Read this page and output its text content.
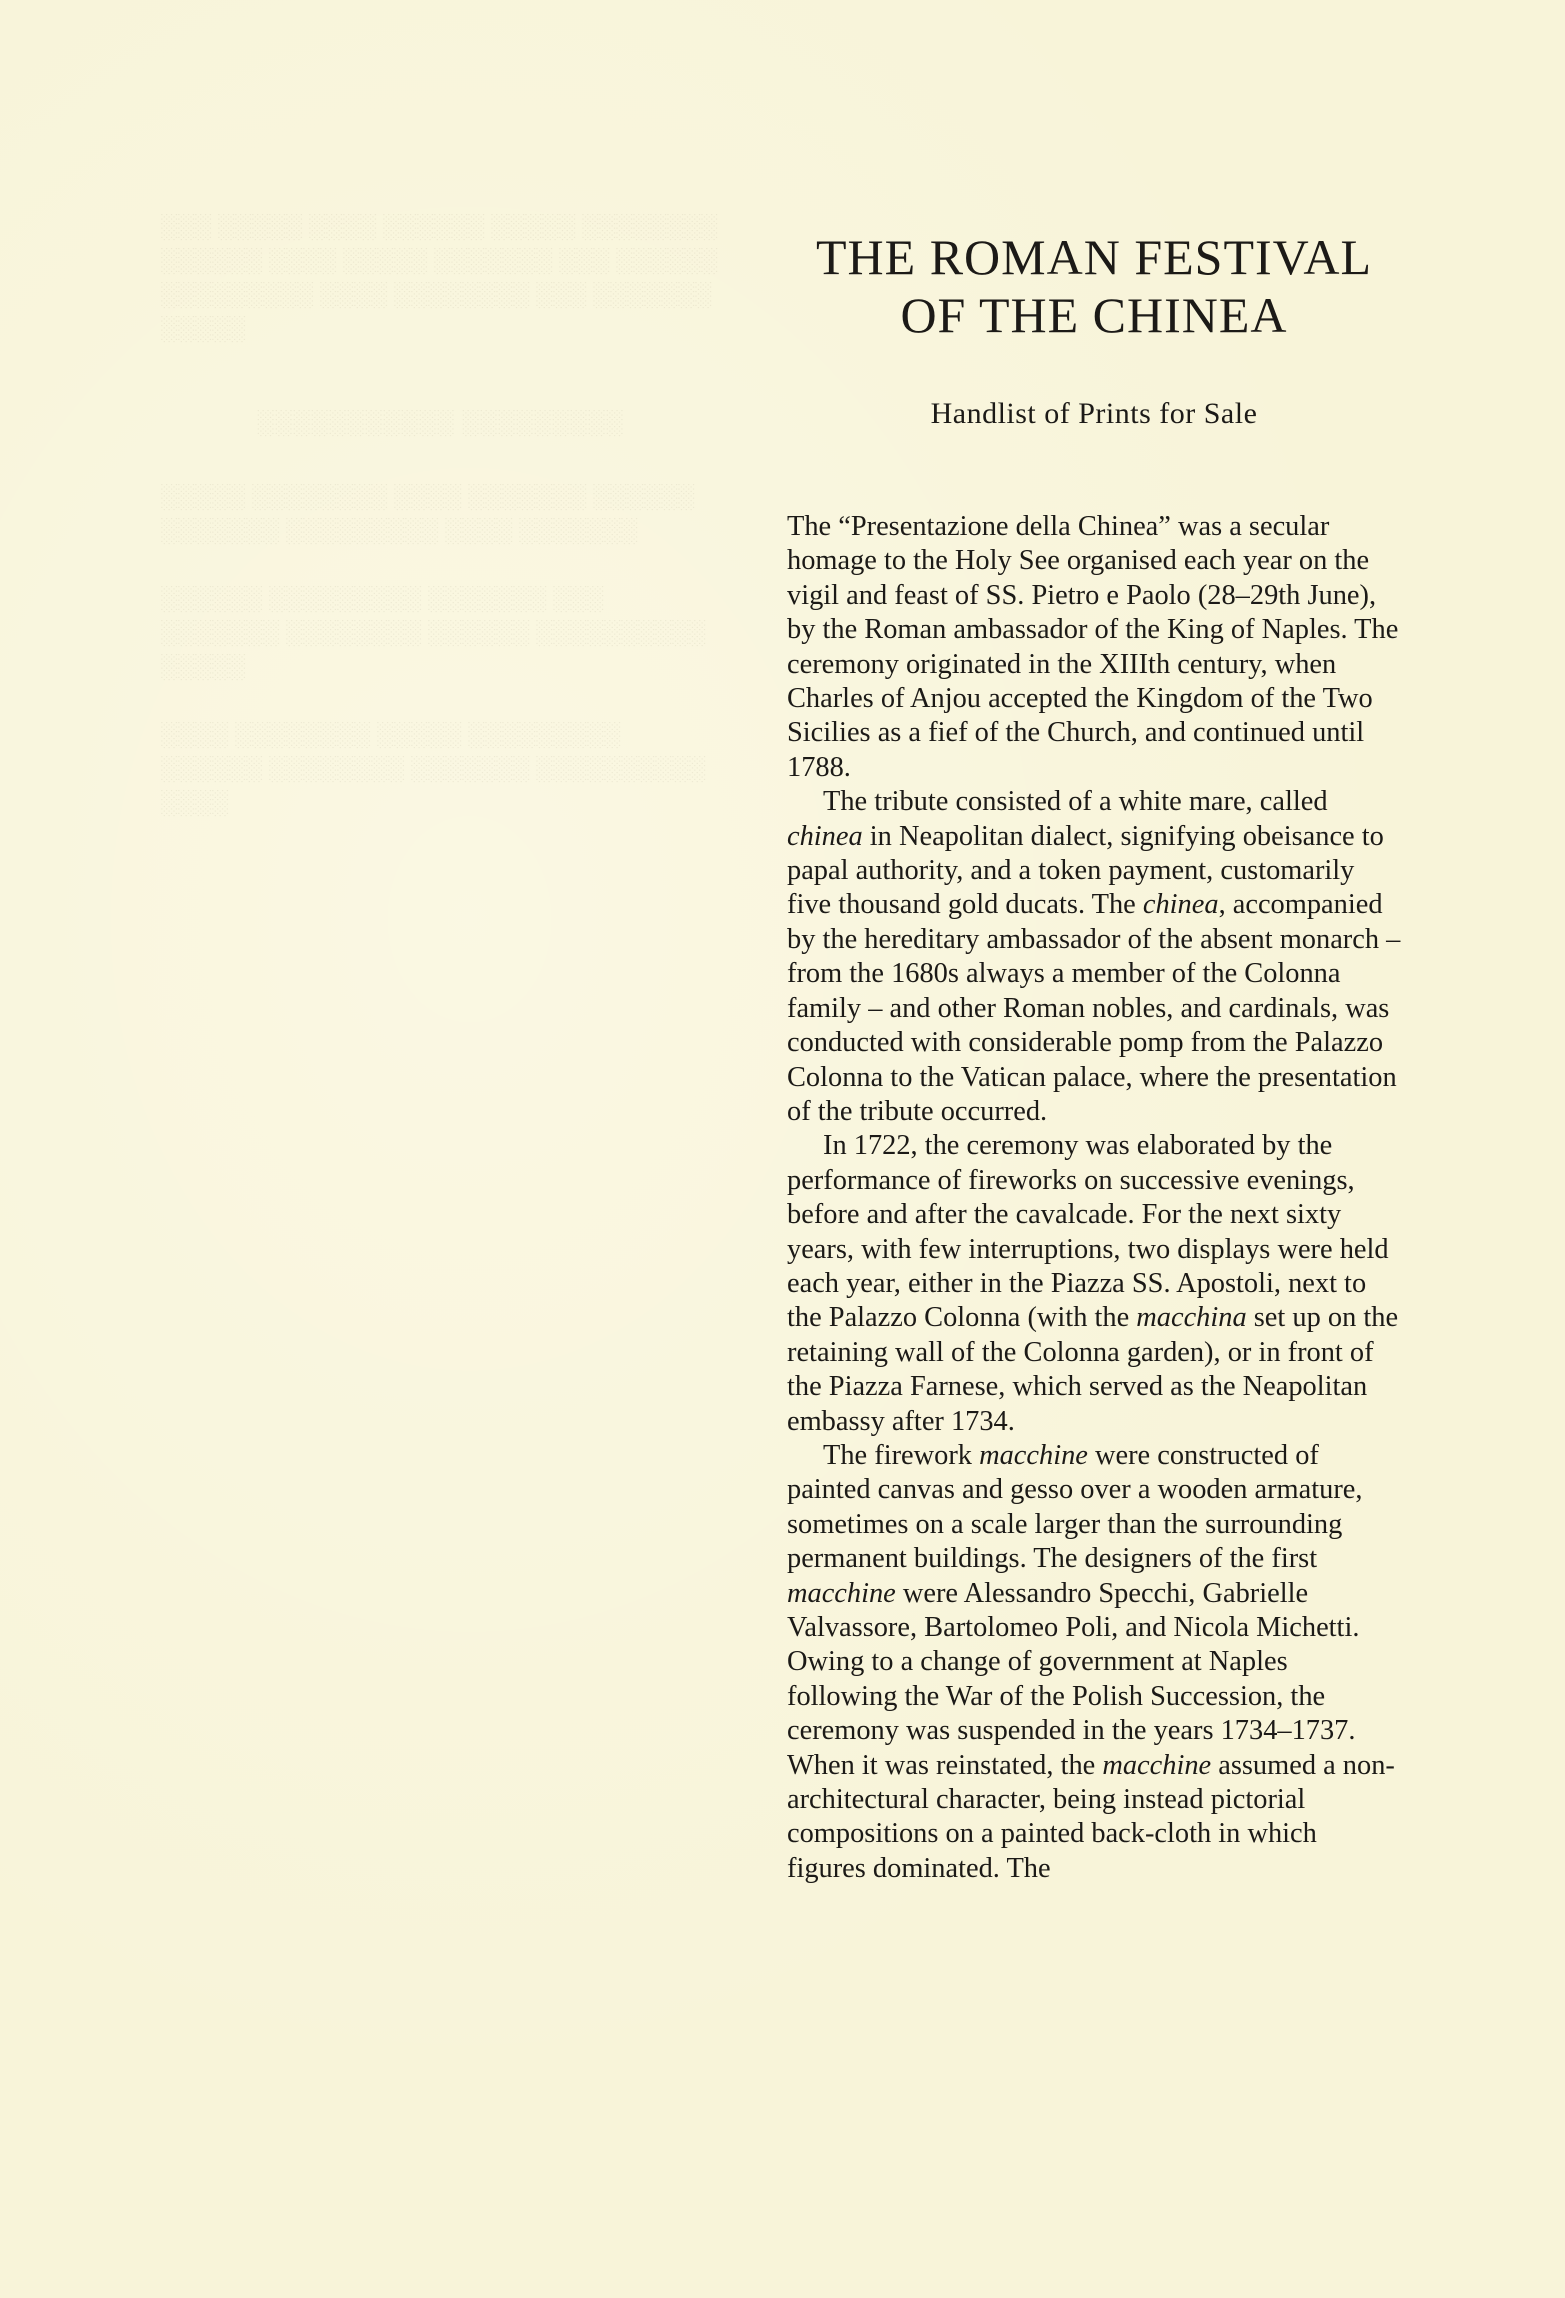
░░░ ░░░░░ ░░░░ ░░░░░░ ░░░░░ ░░░░░░░░ ░░░░░░ ░░░░ ░░░░░ ░░░░░░░ ░░░ ░░░░░░ ░░░░░░░░░ ░░░░ ░░░░░░░░ ░░░ ░░░░░░░ ░░░░░

░░░░░░░░░░░ ░░░░░░░░░

░░░░░ ░░░░░░░░ ░░░░ ░░░░░░░ ░░░░░░ ░░░░░░░ ░░░░░░░░░ ░░░░ ░░░░░░░

░░░░░░ ░░░░░░░░░ ░░░░░░░ ░░░ ░░░░░░░ ░░░░░░░░ ░░░░░░ ░░░░░░░░░░ ░░░░░

░░░░ ░░░░░░░░ ░░░░░ ░░░░░░░░░ ░░░░░░ ░░░░░░░░ ░░░░░░░ ░░░░░░░░░░ ░░░░

THE ROMAN FESTIVAL
OF THE CHINEA
Handlist of Prints for Sale

The “Presentazione della Chinea” was a secular homage to the Holy See organised each year on the vigil and feast of SS. Pietro e Paolo (28–29th June), by the Roman ambassador of the King of Naples. The ceremony originated in the XIIIth century, when Charles of Anjou accepted the Kingdom of the Two Sicilies as a fief of the Church, and continued until 1788.

The tribute consisted of a white mare, called chinea in Neapolitan dialect, signifying obeisance to papal authority, and a token payment, customarily five thousand gold ducats. The chinea, accompanied by the hereditary ambassador of the absent monarch – from the 1680s always a member of the Colonna family – and other Roman nobles, and cardinals, was conducted with considerable pomp from the Palazzo Colonna to the Vatican palace, where the presentation of the tribute occurred.

In 1722, the ceremony was elaborated by the performance of fireworks on successive evenings, before and after the cavalcade. For the next sixty years, with few interruptions, two displays were held each year, either in the Piazza SS. Apostoli, next to the Palazzo Colonna (with the macchina set up on the retaining wall of the Colonna garden), or in front of the Piazza Farnese, which served as the Neapolitan embassy after 1734.

The firework macchine were constructed of painted canvas and gesso over a wooden armature, sometimes on a scale larger than the surrounding permanent buildings. The designers of the first macchine were Alessandro Specchi, Gabrielle Valvassore, Bartolomeo Poli, and Nicola Michetti. Owing to a change of government at Naples following the War of the Polish Succession, the ceremony was suspended in the years 1734–1737. When it was reinstated, the macchine assumed a non-architectural character, being instead pictorial compositions on a painted back-cloth in which figures dominated. The
